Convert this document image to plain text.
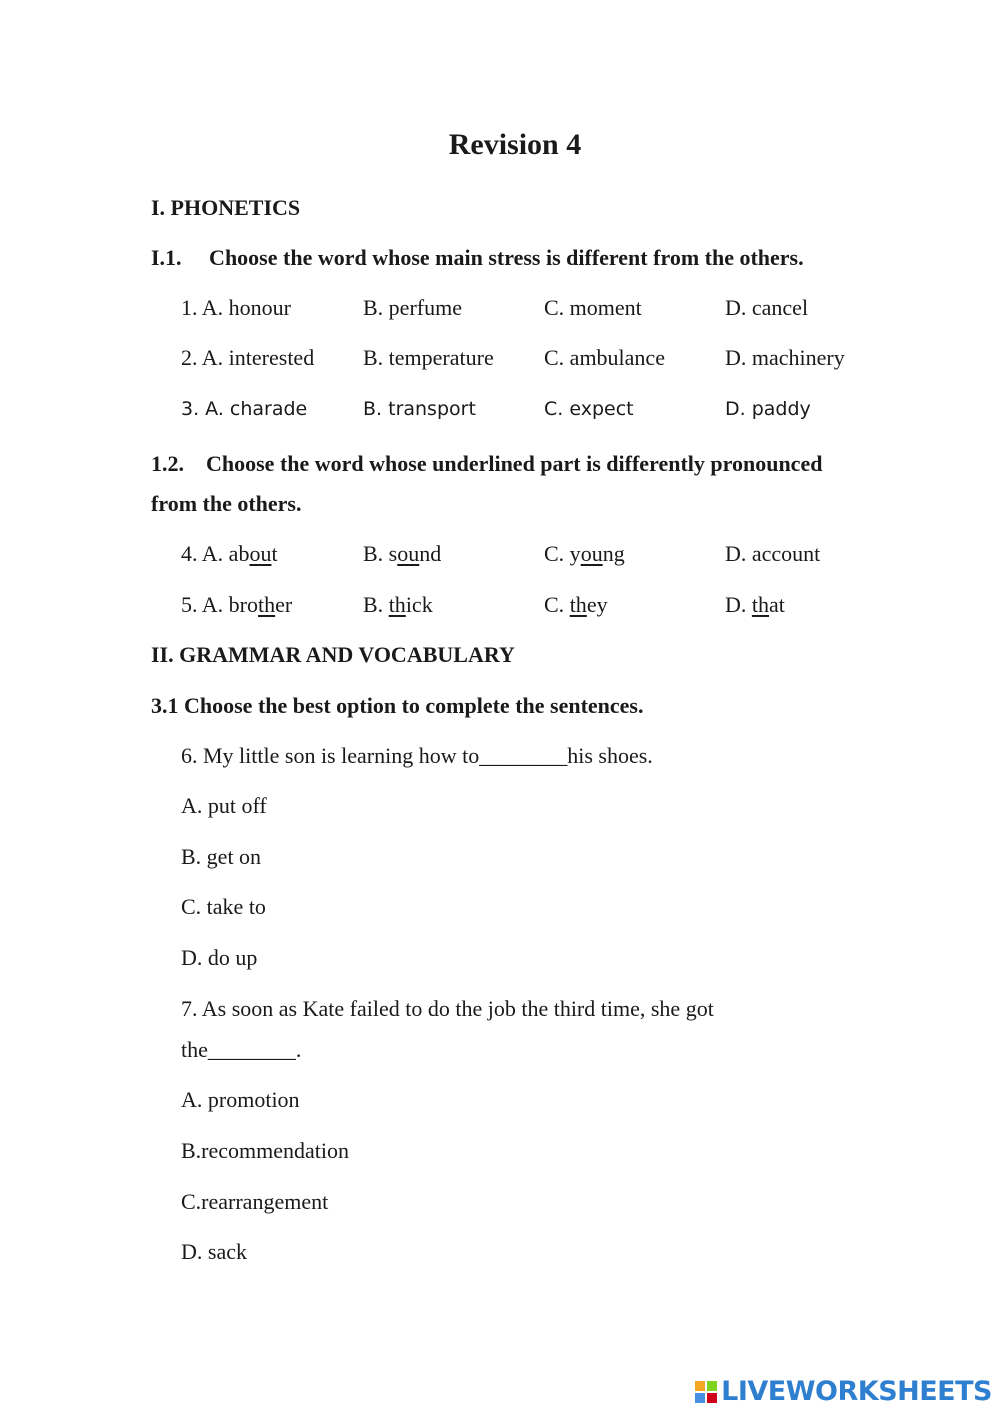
Revision 4
I. PHONETICS
I.1.     Choose the word whose main stress is different from the others.
1. A. honour	B. perfume	C. moment	D. cancel
2. A. interested B. temperature C. ambulance	D. machinery
3. A. charade	B. transport	C. expect	D. paddy
1.2.    Choose the word whose underlined part is differently pronounced
from the others.
4. A. about	B. sound	C. young	D. account
5. A. brother	B. thick	C. they	D. that
II. GRAMMAR AND VOCABULARY
3.1 Choose the best option to complete the sentences.
6. My little son is learning how to________his shoes.
A. put off
B. get on
C. take to
D. do up
7. As soon as Kate failed to do the job the third time, she got
the________.
A. promotion
B.recommendation
C.rearrangement
D. sack
LIVEWORKSHEETS
